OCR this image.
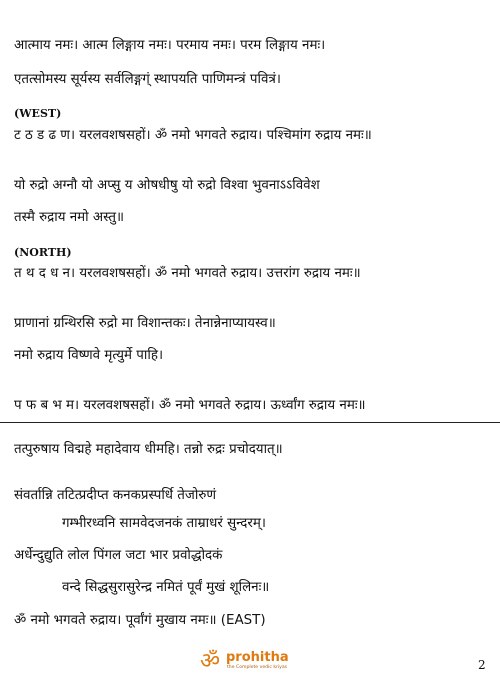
आत्माय नमः। आत्म लिङ्गाय नमः। परमाय नमः। परम लिङ्गाय नमः।
एतत्सोमस्य सूर्यस्य सर्वलिङ्गग्ं स्थापयति पाणिमन्त्रं पवित्रं।
(WEST)
ट ठ ड ढ ण। यरलवशषसहों। ॐ नमो भगवते रुद्राय। पश्चिमांग रुद्राय नमः॥
यो रुद्रो अग्नौ यो अप्सु य ओषधीषु यो रुद्रो विश्वा भुवनाऽऽविवेश
तस्मै रुद्राय नमो अस्तु॥
(NORTH)
त थ द ध न। यरलवशषसहों। ॐ नमो भगवते रुद्राय। उत्तरांग रुद्राय नमः॥
प्राणानां ग्रन्थिरसि रुद्रो मा विशान्तकः। तेनान्नेनाप्यायस्व॥
नमो रुद्राय विष्णवे मृत्युर्मे पाहि।
प फ ब भ म। यरलवशषसहों। ॐ नमो भगवते रुद्राय। ऊर्ध्वांग रुद्राय नमः॥
तत्पुरुषाय विद्महे महादेवाय धीमहि। तन्नो रुद्रः प्रचोदयात्॥
संवर्तान्नि तटित्प्रदीप्त कनकप्रस्पर्धि तेजोरुणं
गम्भीरध्वनि सामवेदजनकं ताम्राधरं सुन्दरम्।
अर्धेन्दुद्युति लोल पिंगल जटा भार प्रवोद्धोदकं
वन्दे सिद्धसुरासुरेन्द्र नमितं पूर्वं मुखं शूलिनः॥
ॐ नमो भगवते रुद्राय। पूर्वांगं मुखाय नमः॥ (EAST)
ॐ prohitha
the Complete vedic kriyas	2
